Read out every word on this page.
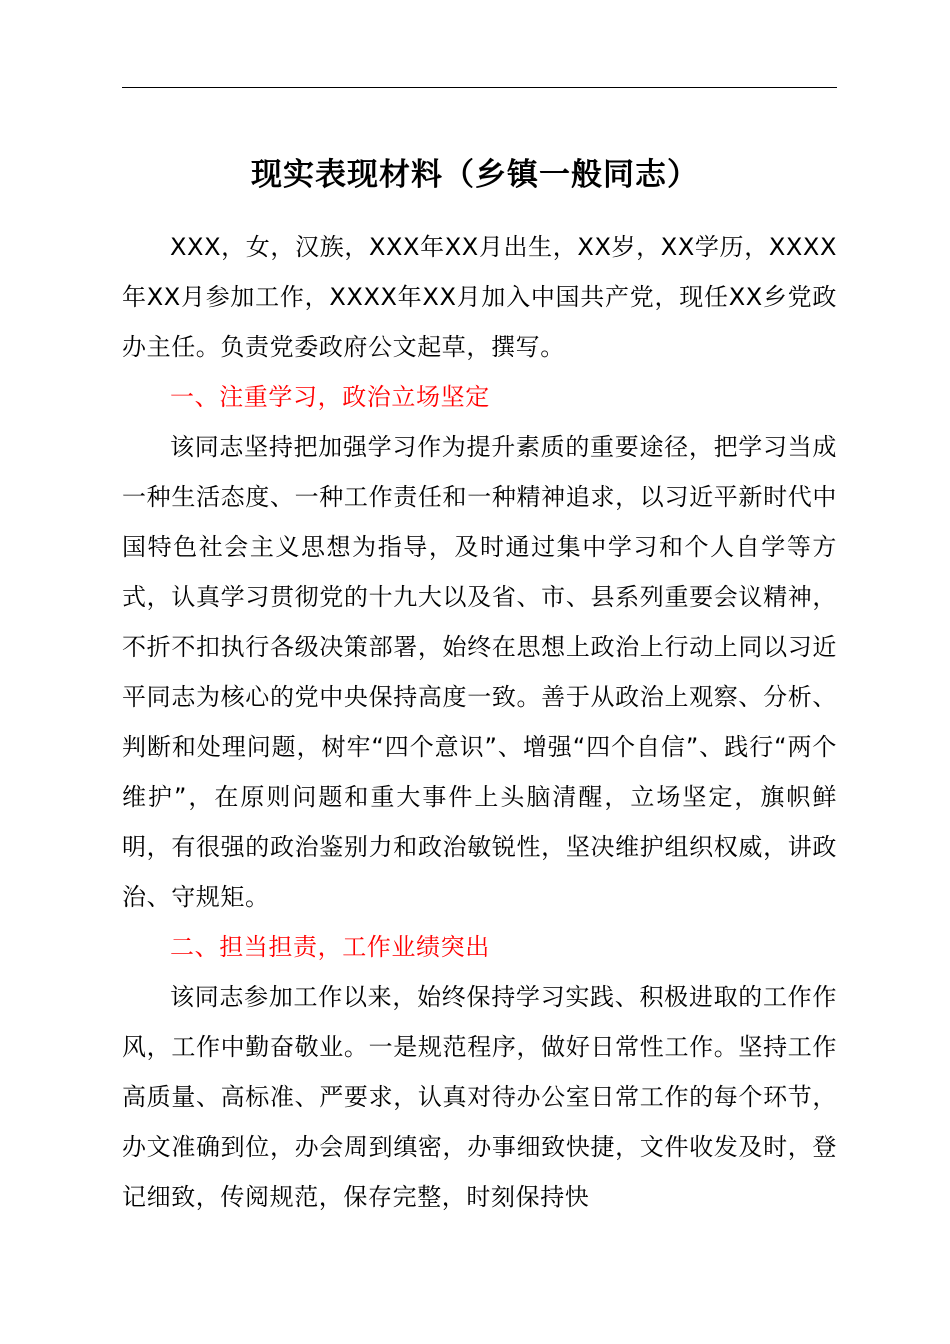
现实表现材料（乡镇一般同志）

XXX，女，汉族，XXX年XX月出生，XX岁，XX学历，XXXX年XX月参加工作，XXXX年XX月加入中国共产党，现任XX乡党政办主任。负责党委政府公文起草，撰写。

一、注重学习，政治立场坚定

该同志坚持把加强学习作为提升素质的重要途径，把学习当成一种生活态度、一种工作责任和一种精神追求，以习近平新时代中国特色社会主义思想为指导，及时通过集中学习和个人自学等方式，认真学习贯彻党的十九大以及省、市、县系列重要会议精神，不折不扣执行各级决策部署，始终在思想上政治上行动上同以习近平同志为核心的党中央保持高度一致。善于从政治上观察、分析、判断和处理问题，树牢“四个意识”、增强“四个自信”、践行“两个维护”，在原则问题和重大事件上头脑清醒，立场坚定，旗帜鲜明，有很强的政治鉴别力和政治敏锐性，坚决维护组织权威，讲政治、守规矩。

二、担当担责，工作业绩突出

该同志参加工作以来，始终保持学习实践、积极进取的工作作风，工作中勤奋敬业。一是规范程序，做好日常性工作。坚持工作高质量、高标准、严要求，认真对待办公室日常工作的每个环节，办文准确到位，办会周到缜密，办事细致快捷，文件收发及时，登记细致，传阅规范，保存完整，时刻保持快
